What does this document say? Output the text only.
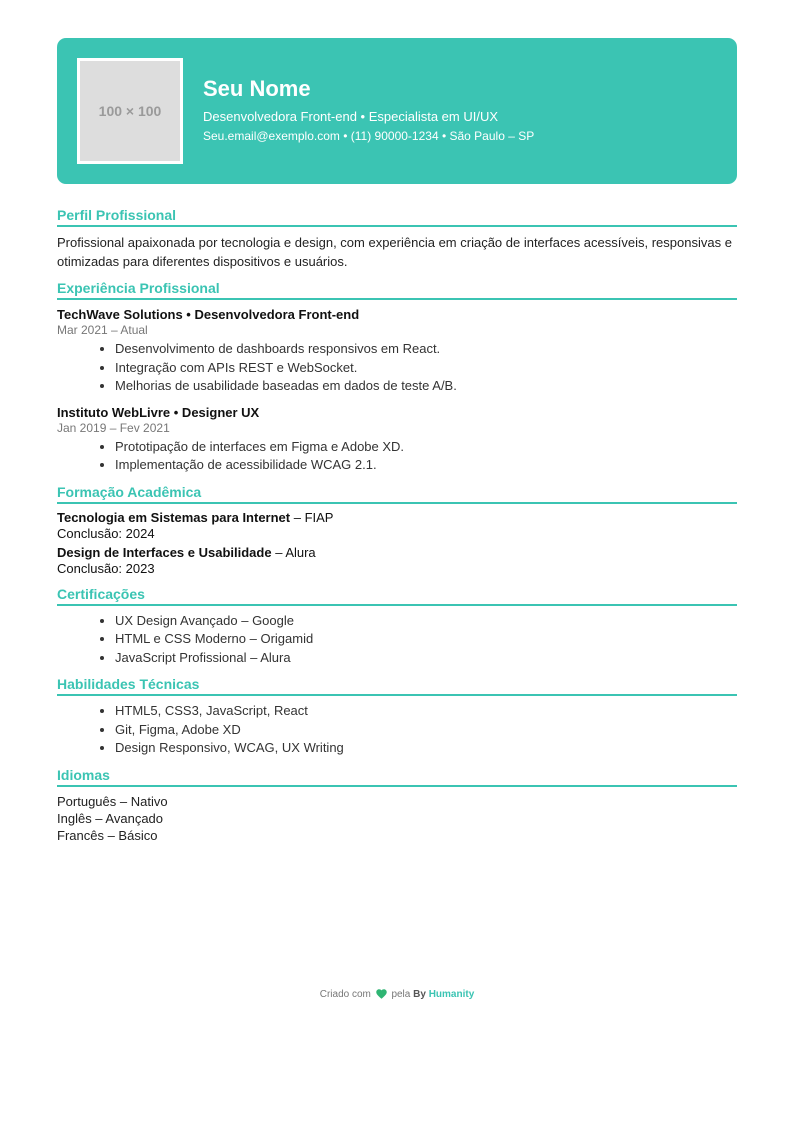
100 × 100
Seu Nome
Desenvolvedora Front-end • Especialista em UI/UX
Seu.email@exemplo.com • (11) 90000-1234 • São Paulo – SP
Perfil Profissional

Profissional apaixonada por tecnologia e design, com experiência em criação de interfaces acessíveis, responsivas e otimizadas para diferentes dispositivos e usuários.

Experiência Profissional
TechWave Solutions • Desenvolvedora Front-end
Mar 2021 – Atual
• Desenvolvimento de dashboards responsivos em React.
• Integração com APIs REST e WebSocket.
• Melhorias de usabilidade baseadas em dados de teste A/B.
Instituto WebLivre • Designer UX
Jan 2019 – Fev 2021
• Prototipação de interfaces em Figma e Adobe XD.
• Implementação de acessibilidade WCAG 2.1.
Formação Acadêmica
Tecnologia em Sistemas para Internet – FIAP
Conclusão: 2024
Design de Interfaces e Usabilidade – Alura
Conclusão: 2023
Certificações
• UX Design Avançado – Google
• HTML e CSS Moderno – Origamid
• JavaScript Profissional – Alura
Habilidades Técnicas
• HTML5, CSS3, JavaScript, React
• Git, Figma, Adobe XD
• Design Responsivo, WCAG, UX Writing
Idiomas
Português – Nativo
Inglês – Avançado
Francês – Básico
Criado com pela By Humanity
